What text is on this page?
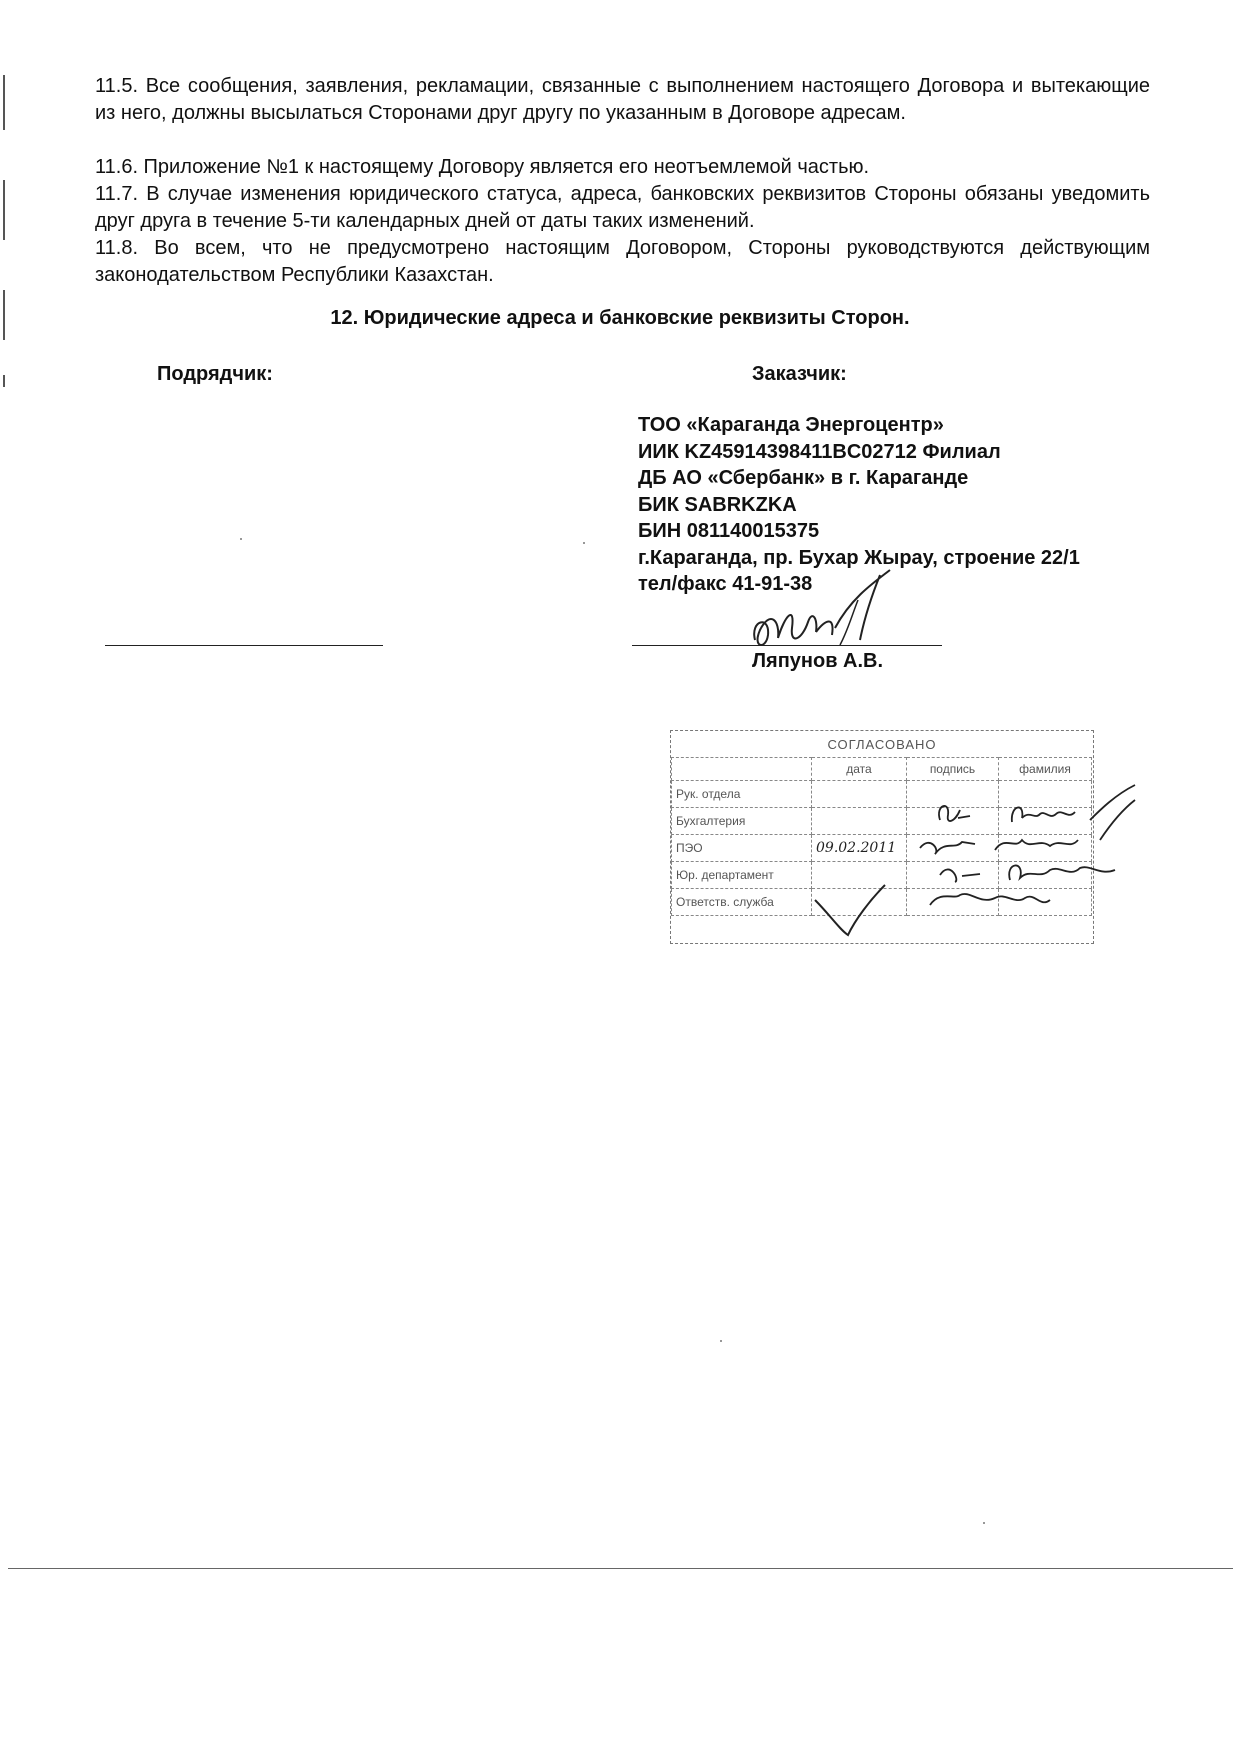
11.5. Все сообщения, заявления, рекламации, связанные с выполнением настоящего Договора и вытекающие из него, должны высылаться Сторонами друг другу по указанным в Договоре адресам.

11.6. Приложение №1 к настоящему Договору является его неотъемлемой частью.

11.7. В случае изменения юридического статуса, адреса, банковских реквизитов Стороны обязаны уведомить друг друга в течение 5-ти календарных дней от даты таких изменений.

11.8. Во всем, что не предусмотрено настоящим Договором, Стороны руководствуются действующим законодательством Республики Казахстан.

12. Юридические адреса и банковские реквизиты Сторон.
Подрядчик:	Заказчик:
ТОО «Караганда Энергоцентр»
ИИК KZ45914398411BC02712 Филиал
ДБ АО «Сбербанк» в г. Караганде
БИК SABRKZKA
БИН 081140015375
г.Караганда, пр. Бухар Жырау, строение 22/1
тел/факс 41-91-38
Ляпунов А.В.
СОГЛАСОВАНО
	дата	подпись	фамилия
Рук. отдела			
Бухгалтерия			
ПЭО	09.02.2011		
Юр. департамент			
Ответств. служба			
